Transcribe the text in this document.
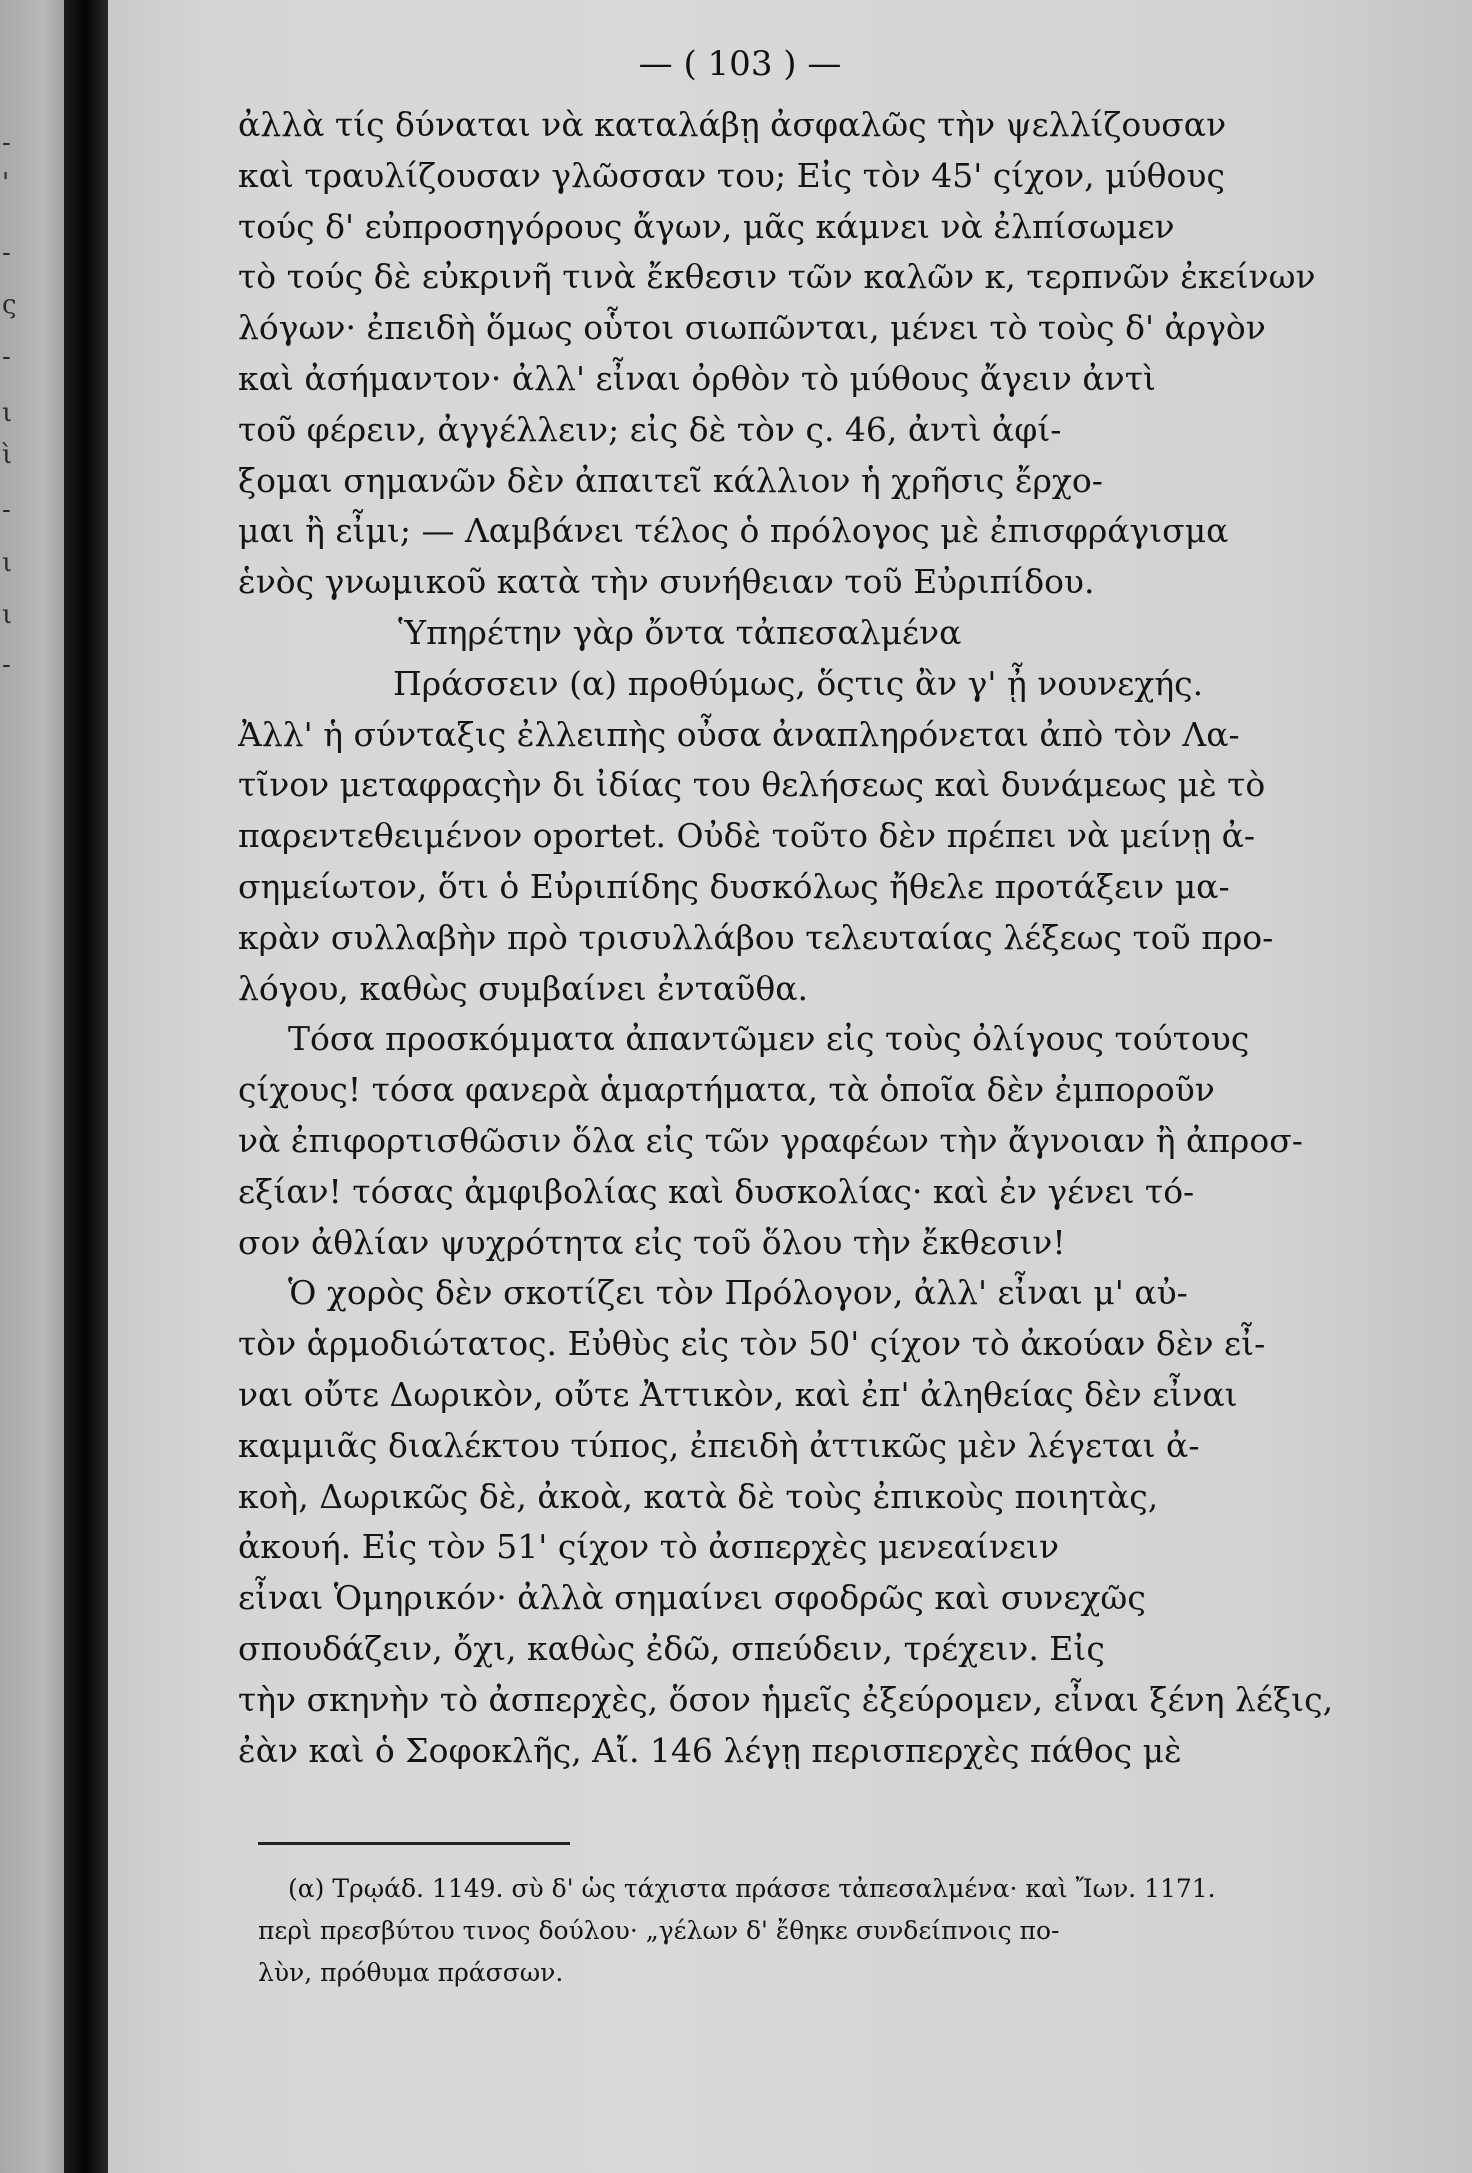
-
'
-
ς
-
ι
ὶ
-
ι
ι
-
— ( 103 ) —
ἀλλὰ τίς δύναται νὰ καταλάβῃ ἀσφαλῶς τὴν ψελλίζουσαν
καὶ τραυλίζουσαν γλῶσσαν του; Εἰς τὸν 45' ςίχον, μύθους
τούς δ' εὐπροσηγόρους ἄγων, μᾶς κάμνει νὰ ἐλπίσωμεν
τὸ τούς δὲ εὐκρινῆ τινὰ ἔκθεσιν τῶν καλῶν κ, τερπνῶν ἐκείνων
λόγων· ἐπειδὴ ὅμως οὗτοι σιωπῶνται, μένει τὸ τοὺς δ' ἀργὸν
καὶ ἀσήμαντον· ἀλλ' εἶναι ὀρθὸν τὸ μύθους ἄγειν ἀντὶ
τοῦ φέρειν, ἀγγέλλειν; εἰς δὲ τὸν ς. 46, ἀντὶ ἀφί-
ξομαι σημανῶν δὲν ἀπαιτεῖ κάλλιον ἡ χρῆσις ἔρχο-
μαι ἢ εἶμι; — Λαμβάνει τέλος ὁ πρόλογος μὲ ἐπισφράγισμα
ἑνὸς γνωμικοῦ κατὰ τὴν συνήθειαν τοῦ Εὐριπίδου.
Ὑπηρέτην γὰρ ὄντα τἀπεσαλμένα
Πράσσειν (α) προθύμως, ὅςτις ἂν γ' ᾖ νουνεχής.
Ἀλλ' ἡ σύνταξις ἐλλειπὴς οὖσα ἀναπληρόνεται ἀπὸ τὸν Λα-
τῖνον μεταφραςὴν δι ἰδίας του θελήσεως καὶ δυνάμεως μὲ τὸ
παρεντεθειμένον oportet. Οὐδὲ τοῦτο δὲν πρέπει νὰ μείνῃ ἀ-
σημείωτον, ὅτι ὁ Εὐριπίδης δυσκόλως ἤθελε προτάξειν μα-
κρὰν συλλαβὴν πρὸ τρισυλλάβου τελευταίας λέξεως τοῦ προ-
λόγου, καθὼς συμβαίνει ἐνταῦθα.
Τόσα προσκόμματα ἀπαντῶμεν εἰς τοὺς ὀλίγους τούτους
ςίχους! τόσα φανερὰ ἁμαρτήματα, τὰ ὁποῖα δὲν ἐμποροῦν
νὰ ἐπιφορτισθῶσιν ὅλα εἰς τῶν γραφέων τὴν ἄγνοιαν ἢ ἀπροσ-
εξίαν! τόσας ἀμφιβολίας καὶ δυσκολίας· καὶ ἐν γένει τό-
σον ἀθλίαν ψυχρότητα εἰς τοῦ ὅλου τὴν ἔκθεσιν!
Ὁ χορὸς δὲν σκοτίζει τὸν Πρόλογον, ἀλλ' εἶναι μ' αὐ-
τὸν ἁρμοδιώτατος. Εὐθὺς εἰς τὸν 50' ςίχον τὸ ἀκούαν δὲν εἶ-
ναι οὔτε Δωρικὸν, οὔτε Ἀττικὸν, καὶ ἐπ' ἀληθείας δὲν εἶναι
καμμιᾶς διαλέκτου τύπος, ἐπειδὴ ἀττικῶς μὲν λέγεται ἀ-
κοὴ, Δωρικῶς δὲ, ἀκοὰ, κατὰ δὲ τοὺς ἐπικοὺς ποιητὰς,
ἀκουή. Εἰς τὸν 51' ςίχον τὸ ἀσπερχὲς μενεαίνειν
εἶναι Ὁμηρικόν· ἀλλὰ σημαίνει σφοδρῶς καὶ συνεχῶς
σπουδάζειν, ὄχι, καθὼς ἐδῶ, σπεύδειν, τρέχειν. Εἰς
τὴν σκηνὴν τὸ ἀσπερχὲς, ὅσον ἡμεῖς ἐξεύρομεν, εἶναι ξένη λέξις,
ἐὰν καὶ ὁ Σοφοκλῆς, Αἴ. 146 λέγῃ περισπερχὲς πάθος μὲ
(α) Τρῳάδ. 1149. σὺ δ' ὡς τάχιστα πράσσε τἀπεσαλμένα· καὶ Ἴων. 1171.
περὶ πρεσβύτου τινος δούλου· „γέλων δ' ἔθηκε συνδείπνοις πο-
λὺν, πρόθυμα πράσσων.
